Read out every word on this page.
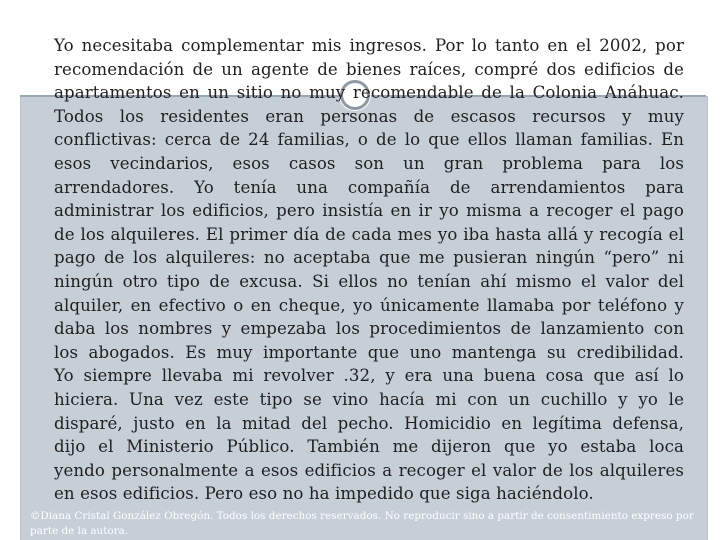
Yo necesitaba complementar mis ingresos. Por lo tanto en el 2002, por
recomendación de un agente de bienes raíces, compré dos edificios de
apartamentos en un sitio no muy recomendable de la Colonia Anáhuac.
Todos los residentes eran personas de escasos recursos y muy
conflictivas: cerca de 24 familias, o de lo que ellos llaman familias. En
esos vecindarios, esos casos son un gran problema para los
arrendadores. Yo tenía una compañía de arrendamientos para
administrar los edificios, pero insistía en ir yo misma a recoger el pago
de los alquileres. El primer día de cada mes yo iba hasta allá y recogía el
pago de los alquileres: no aceptaba que me pusieran ningún “pero” ni
ningún otro tipo de excusa. Si ellos no tenían ahí mismo el valor del
alquiler, en efectivo o en cheque, yo únicamente llamaba por teléfono y
daba los nombres y empezaba los procedimientos de lanzamiento con
los abogados. Es muy importante que uno mantenga su credibilidad.
Yo siempre llevaba mi revolver .32, y era una buena cosa que así lo
hiciera. Una vez este tipo se vino hacía mi con un cuchillo y yo le
disparé, justo en la mitad del pecho. Homicidio en legítima defensa,
dijo el Ministerio Público. También me dijeron que yo estaba loca
yendo personalmente a esos edificios a recoger el valor de los alquileres
en esos edificios. Pero eso no ha impedido que siga haciéndolo.

©Diana Cristal González Obregón. Todos los derechos reservados. No reproducir sino a partir de consentimiento expreso por parte de la autora.
